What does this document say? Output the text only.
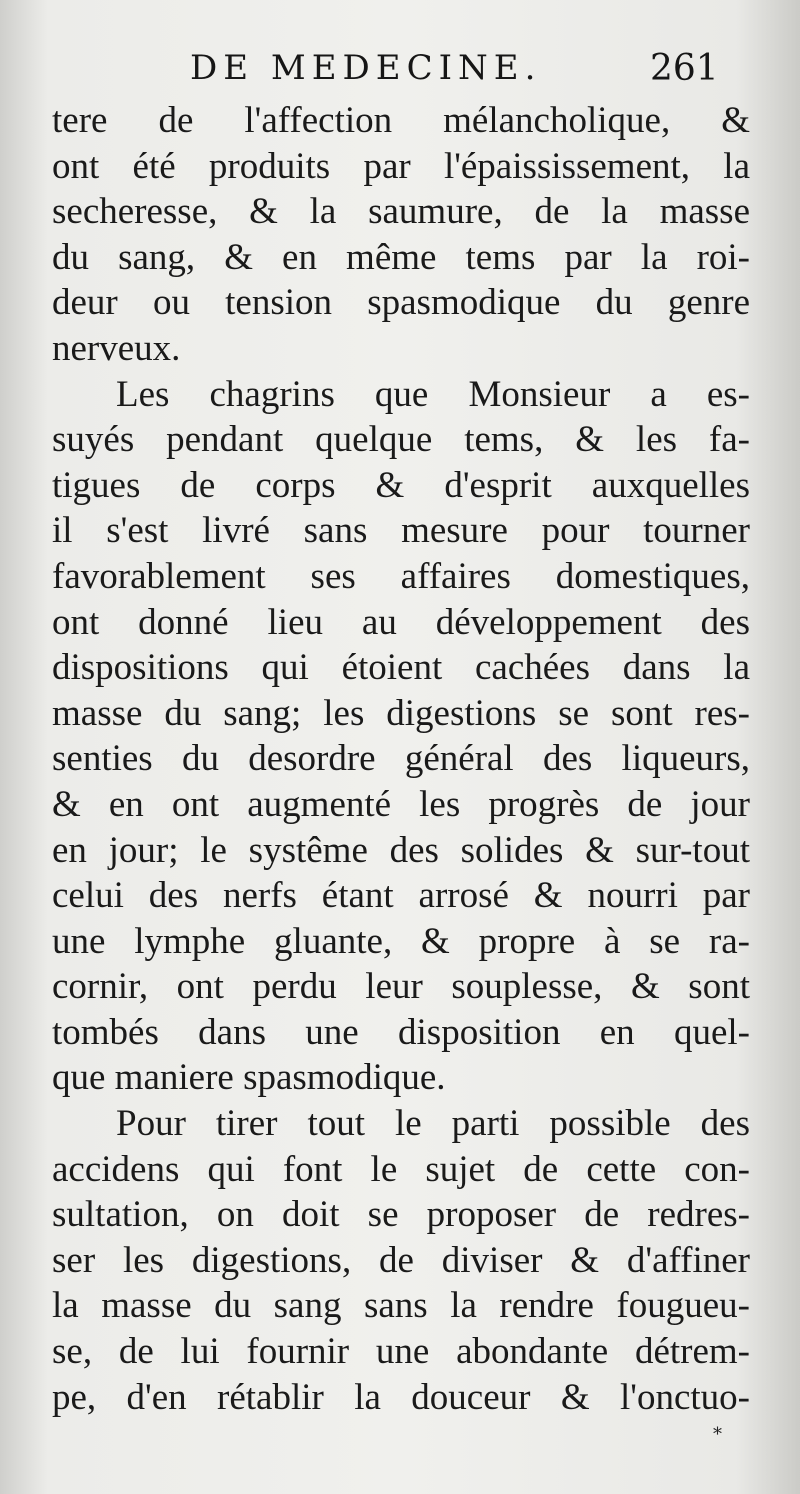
DE MEDECINE.	261
tere de l'affection mélancholique, &
ont été produits par l'épaississement, la
secheresse, & la saumure, de la masse
du sang, & en même tems par la roi-
deur ou tension spasmodique du genre
nerveux.
Les chagrins que Monsieur a es-
suyés pendant quelque tems, & les fa-
tigues de corps & d'esprit auxquelles
il s'est livré sans mesure pour tourner
favorablement ses affaires domestiques,
ont donné lieu au développement des
dispositions qui étoient cachées dans la
masse du sang; les digestions se sont res-
senties du desordre général des liqueurs,
& en ont augmenté les progrès de jour
en jour; le systême des solides & sur-tout
celui des nerfs étant arrosé & nourri par
une lymphe gluante, & propre à se ra-
cornir, ont perdu leur souplesse, & sont
tombés dans une disposition en quel-
que maniere spasmodique.
Pour tirer tout le parti possible des
accidens qui font le sujet de cette con-
sultation, on doit se proposer de redres-
ser les digestions, de diviser & d'affiner
la masse du sang sans la rendre fougueu-
se, de lui fournir une abondante détrem-
pe, d'en rétablir la douceur & l'onctuo-
*
